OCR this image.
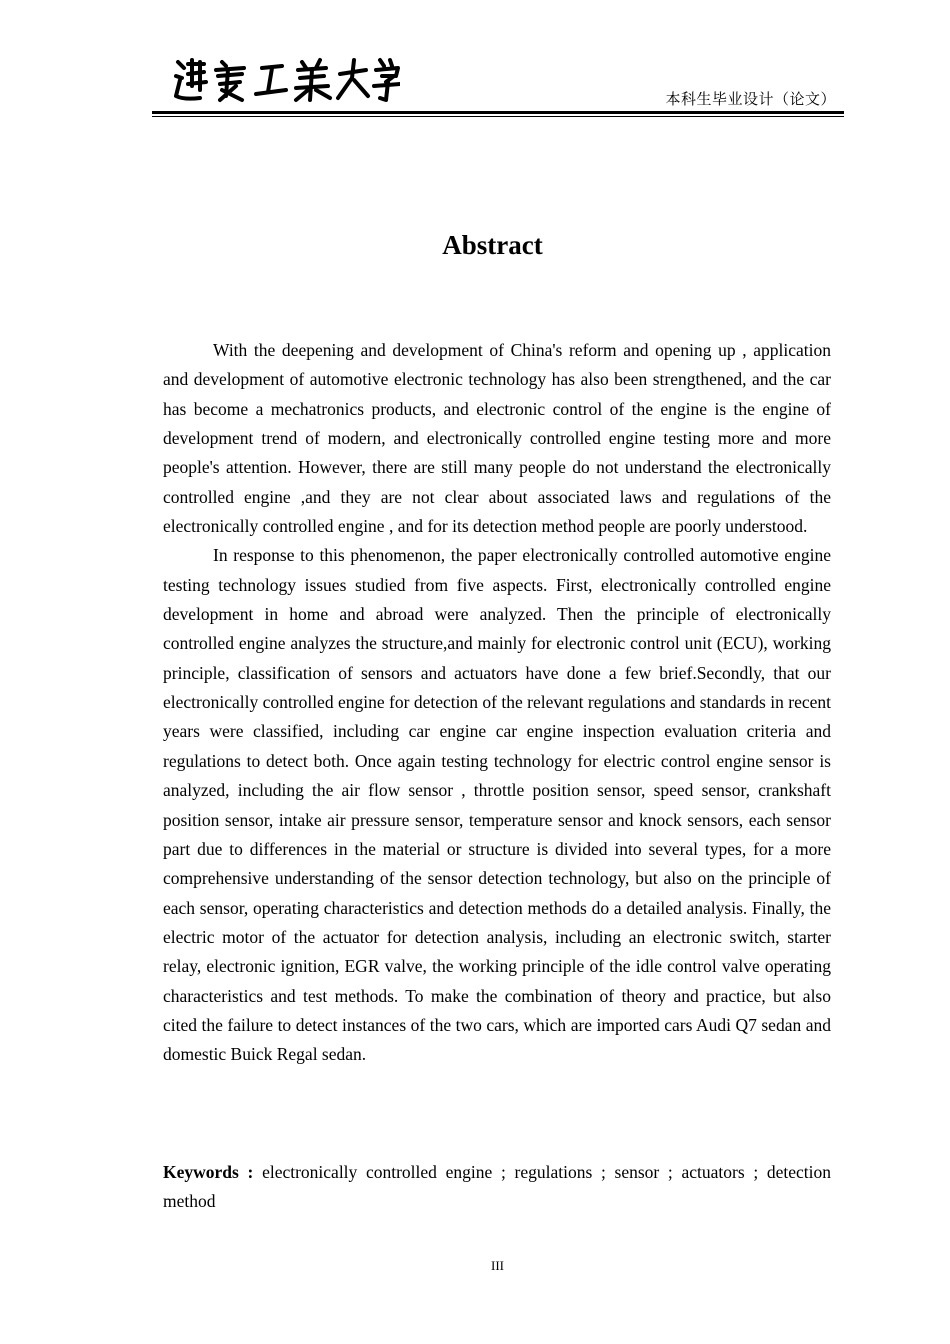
本科生毕业设计（论文）
Abstract

With the deepening and development of China's reform and opening up , application and development of automotive electronic technology has also been strengthened, and the car has become a mechatronics products, and electronic control of the engine is the engine of development trend of modern, and electronically controlled engine testing more and more people's attention. However, there are still many people do not understand the electronically controlled engine ,and they are not clear about associated laws and regulations of the electronically controlled engine , and for its detection method people are poorly understood.

In response to this phenomenon, the paper electronically controlled automotive engine testing technology issues studied from five aspects. First, electronically controlled engine development in home and abroad were analyzed. Then the principle of electronically controlled engine analyzes the structure,and mainly for electronic control unit (ECU), working principle, classification of sensors and actuators have done a few brief.Secondly, that our electronically controlled engine for detection of the relevant regulations and standards in recent years were classified, including car engine car engine inspection evaluation criteria and regulations to detect both. Once again testing technology for electric control engine sensor is analyzed, including the air flow sensor , throttle position sensor, speed sensor, crankshaft position sensor, intake air pressure sensor, temperature sensor and knock sensors, each sensor part due to differences in the material or structure is divided into several types, for a more comprehensive understanding of the sensor detection technology, but also on the principle of each sensor, operating characteristics and detection methods do a detailed analysis. Finally, the electric motor of the actuator for detection analysis, including an electronic switch, starter relay, electronic ignition, EGR valve, the working principle of the idle control valve operating characteristics and test methods. To make the combination of theory and practice, but also cited the failure to detect instances of the two cars, which are imported cars Audi Q7 sedan and domestic Buick Regal sedan.

Keywords : electronically controlled engine ; regulations ; sensor ; actuators ; detection method

III
